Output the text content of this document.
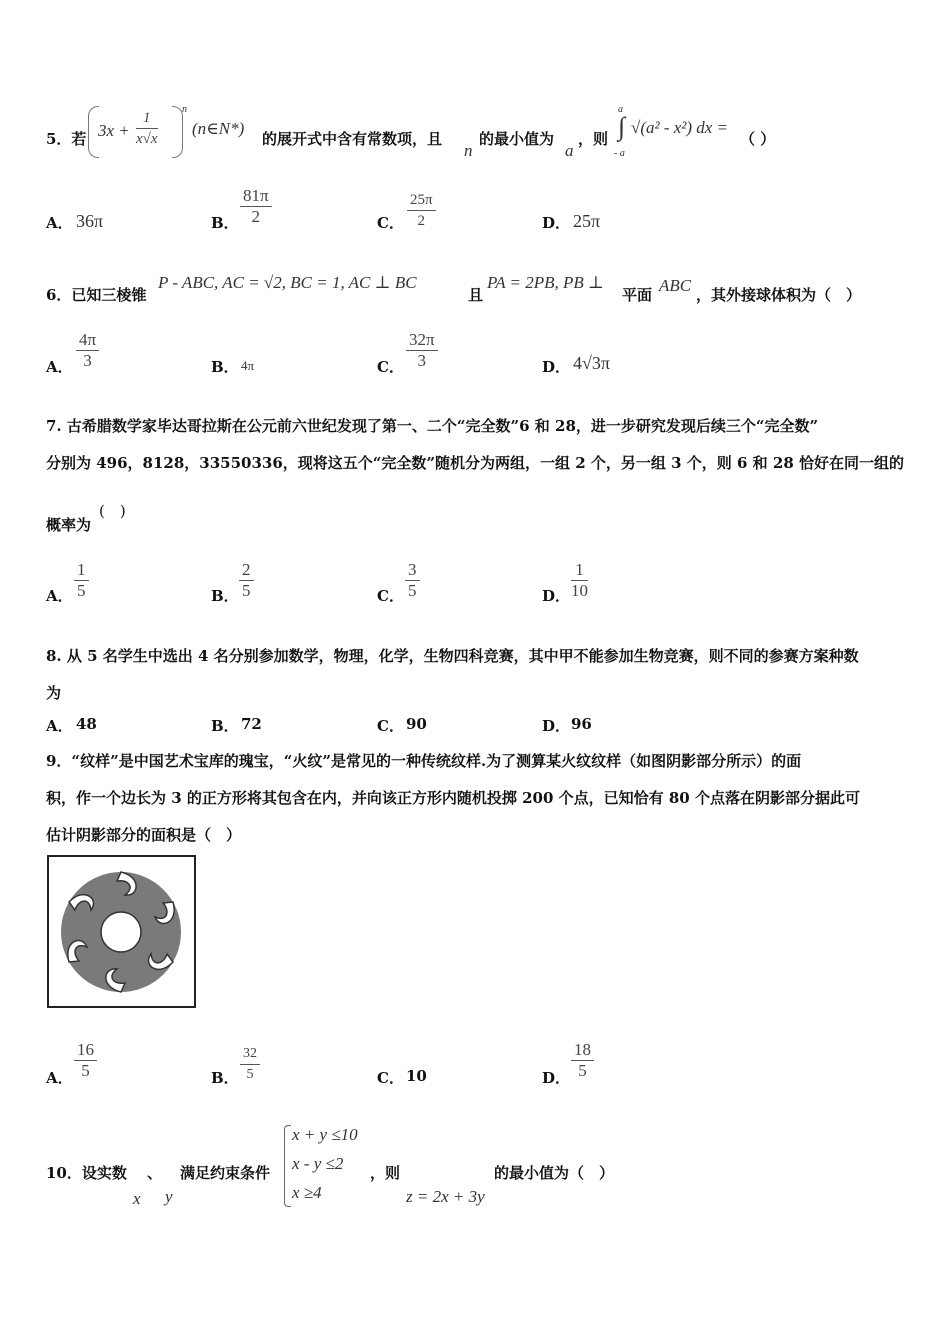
5．若 3x +
1
x√x
n
(n∈N*)
的展开式中含有常数项，且
n
的最小值为
a
，则
a
∫
- a
√(a² - x²) dx =
（ ）
A． 36π	B．
81π
2	C．
25π
2	D． 25π
6．已知三棱锥
P - ABC, AC = √2, BC = 1, AC ⊥ BC
且
PA = 2PB, PB ⊥
平面 ABC ，其外接球体积为（　）
A．
4π
3	B． 4π	C．
32π
3	D． 4√3π
7. 古希腊数学家毕达哥拉斯在公元前六世纪发现了第一、二个“完全数”6 和 28，进一步研究发现后续三个“完全数”
分别为 496，8128，33550336，现将这五个“完全数”随机分为两组，一组 2 个，另一组 3 个，则 6 和 28 恰好在同一组的
概率为
(　)
A．
1
5	B．
2
5	C．
3
5	D．
1
10
8. 从 5 名学生中选出 4 名分别参加数学，物理，化学，生物四科竞赛，其中甲不能参加生物竞赛，则不同的参赛方案种数
为
A． 48	B． 72	C． 90	D． 96
9．“纹样”是中国艺术宝库的瑰宝，“火纹”是常见的一种传统纹样.为了测算某火纹纹样（如图阴影部分所示）的面
积，作一个边长为 3 的正方形将其包含在内，并向该正方形内随机投掷 200 个点，已知恰有 80 个点落在阴影部分据此可
估计阴影部分的面积是（　）
A．
16
5	B．
32
5	C． 10	D．
18
5
10．设实数 、 满足约束条件
x y
x + y ≤10
x - y ≤2
x ≥4
，则
z = 2x + 3y
的最小值为（　）
